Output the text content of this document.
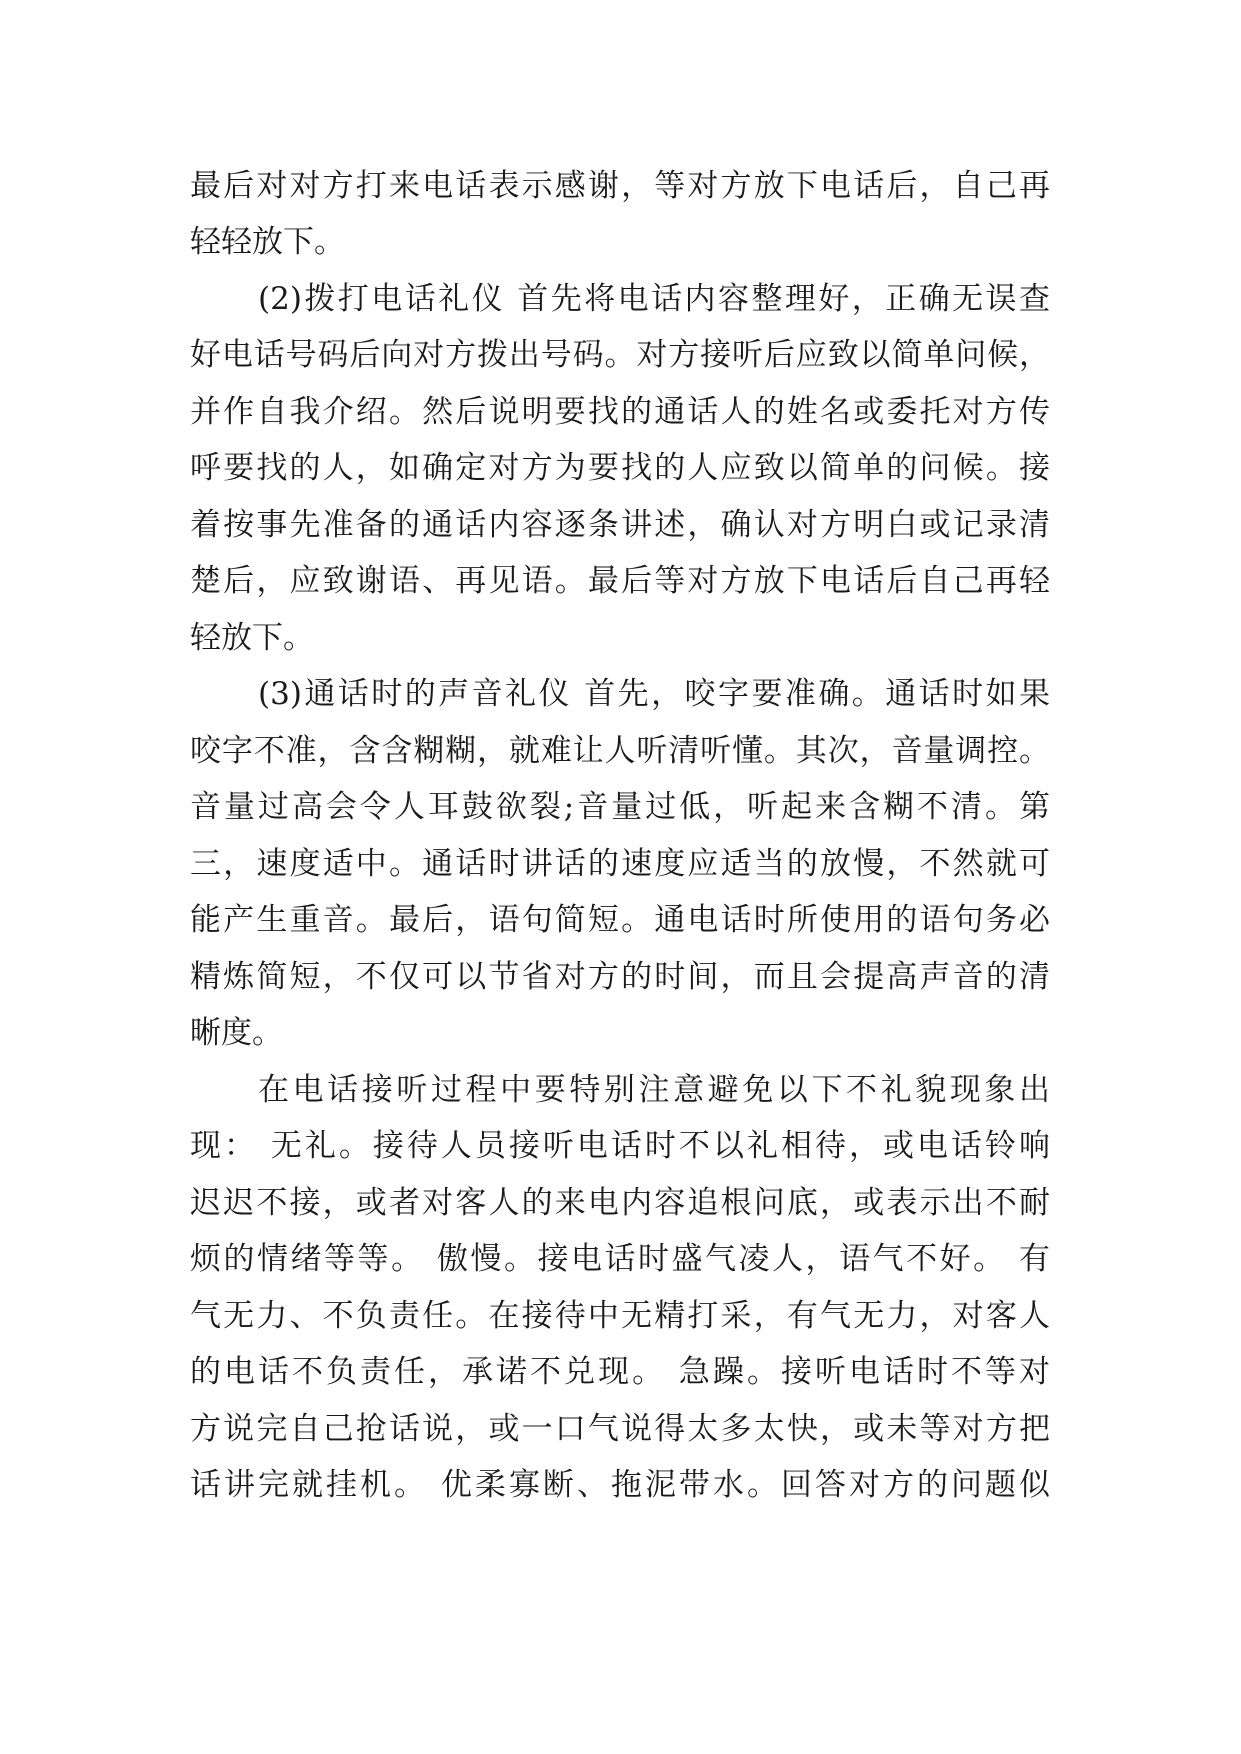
最后对对方打来电话表示感谢，等对方放下电话后，自己再
轻轻放下。
(2)拨打电话礼仪 首先将电话内容整理好，正确无误查
好电话号码后向对方拨出号码。对方接听后应致以简单问候，
并作自我介绍。然后说明要找的通话人的姓名或委托对方传
呼要找的人，如确定对方为要找的人应致以简单的问候。接
着按事先准备的通话内容逐条讲述，确认对方明白或记录清
楚后，应致谢语、再见语。最后等对方放下电话后自己再轻
轻放下。
(3)通话时的声音礼仪 首先，咬字要准确。通话时如果
咬字不准，含含糊糊，就难让人听清听懂。其次，音量调控。
音量过高会令人耳鼓欲裂;音量过低，听起来含糊不清。第
三，速度适中。通话时讲话的速度应适当的放慢，不然就可
能产生重音。最后，语句简短。通电话时所使用的语句务必
精炼简短，不仅可以节省对方的时间，而且会提高声音的清
晰度。
在电话接听过程中要特别注意避免以下不礼貌现象出
现： 无礼。接待人员接听电话时不以礼相待，或电话铃响
迟迟不接，或者对客人的来电内容追根问底，或表示出不耐
烦的情绪等等。 傲慢。接电话时盛气凌人，语气不好。 有
气无力、不负责任。在接待中无精打采，有气无力，对客人
的电话不负责任，承诺不兑现。 急躁。接听电话时不等对
方说完自己抢话说，或一口气说得太多太快，或未等对方把
话讲完就挂机。 优柔寡断、拖泥带水。回答对方的问题似
